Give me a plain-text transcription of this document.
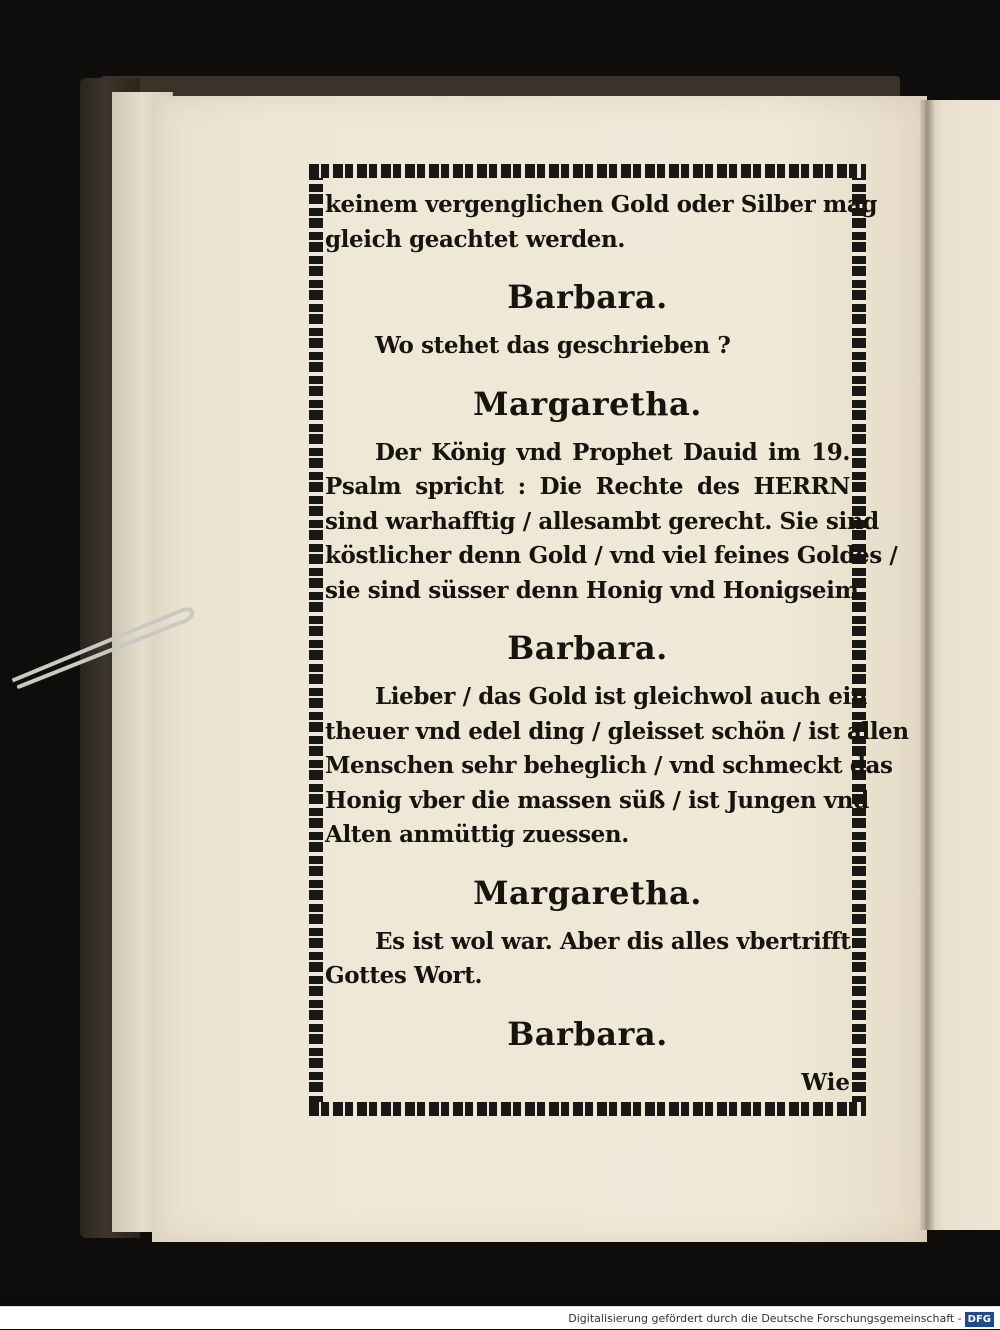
keinem vergenglichen Gold oder Silber mag
gleich geachtet werden.
Barbara.
Wo stehet das geschrieben ?
Margaretha.
Der König vnd Prophet Dauid im 19.
Psalm spricht : Die Rechte des HERRN
sind warhafftig / allesambt gerecht. Sie sind
köstlicher denn Gold / vnd viel feines Goldes /
sie sind süsser denn Honig vnd Honigseim.
Barbara.
Lieber / das Gold ist gleichwol auch ein
theuer vnd edel ding / gleisset schön / ist allen
Menschen sehr beheglich / vnd schmeckt das
Honig vber die massen süß / ist Jungen vnd
Alten anmüttig zuessen.
Margaretha.
Es ist wol war. Aber dis alles vbertrifft
Gottes Wort.
Barbara.
Wie
Digitalisierung gefördert durch die Deutsche Forschungsgemeinschaft - DFG
